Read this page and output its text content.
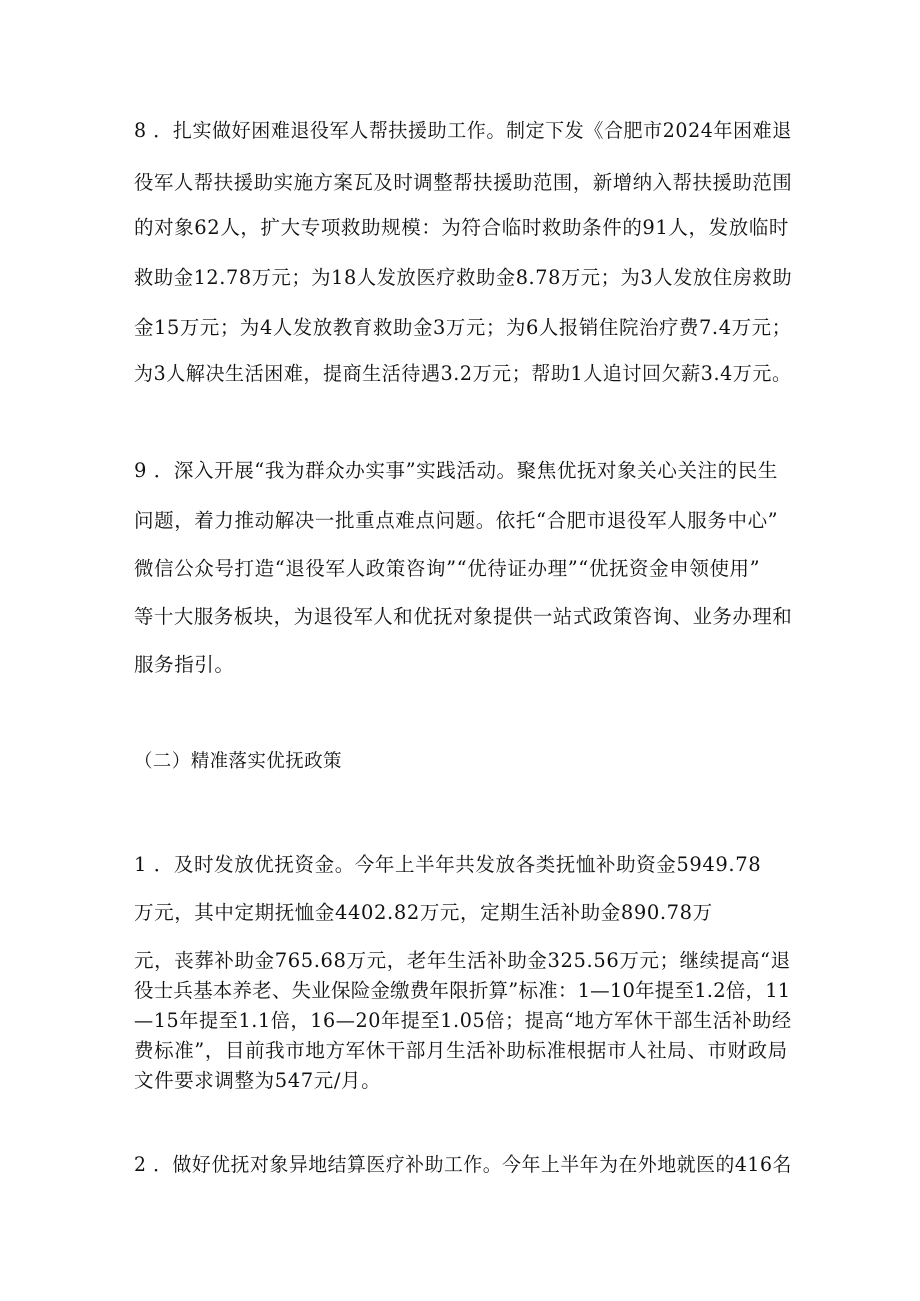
8 ．扎实做好困难退役军人帮扶援助工作。制定下发《合肥市2024年困难退
役军人帮扶援助实施方案瓦及时调整帮扶援助范围，新增纳入帮扶援助范围
的对象62人，扩大专项救助规模：为符合临时救助条件的91人，发放临时
救助金12.78万元；为18人发放医疗救助金8.78万元；为3人发放住房救助
金15万元；为4人发放教育救助金3万元；为6人报销住院治疗费7.4万元；
为3人解决生活困难，提商生活待遇3.2万元；帮助1人追讨回欠薪3.4万元。
9 ．深入开展“我为群众办实事”实践活动。聚焦优抚对象关心关注的民生
问题，着力推动解决一批重点难点问题。依托“合肥市退役军人服务中心”
微信公众号打造“退役军人政策咨询”“优待证办理”“优抚资金申领使用”
等十大服务板块，为退役军人和优抚对象提供一站式政策咨询、业务办理和
服务指引。
（二）精准落实优抚政策
1 ．及时发放优抚资金。今年上半年共发放各类抚恤补助资金5949.78
万元，其中定期抚恤金4402.82万元，定期生活补助金890.78万
元，丧葬补助金765.68万元，老年生活补助金325.56万元；继续提高“退
役士兵基本养老、失业保险金缴费年限折算”标准：1—10年提至1.2倍，11
—15年提至1.1倍，16—20年提至1.05倍；提高“地方军休干部生活补助经
费标准”，目前我市地方军休干部月生活补助标准根据市人社局、市财政局
文件要求调整为547元/月。
2 ．做好优抚对象异地结算医疗补助工作。今年上半年为在外地就医的416名
